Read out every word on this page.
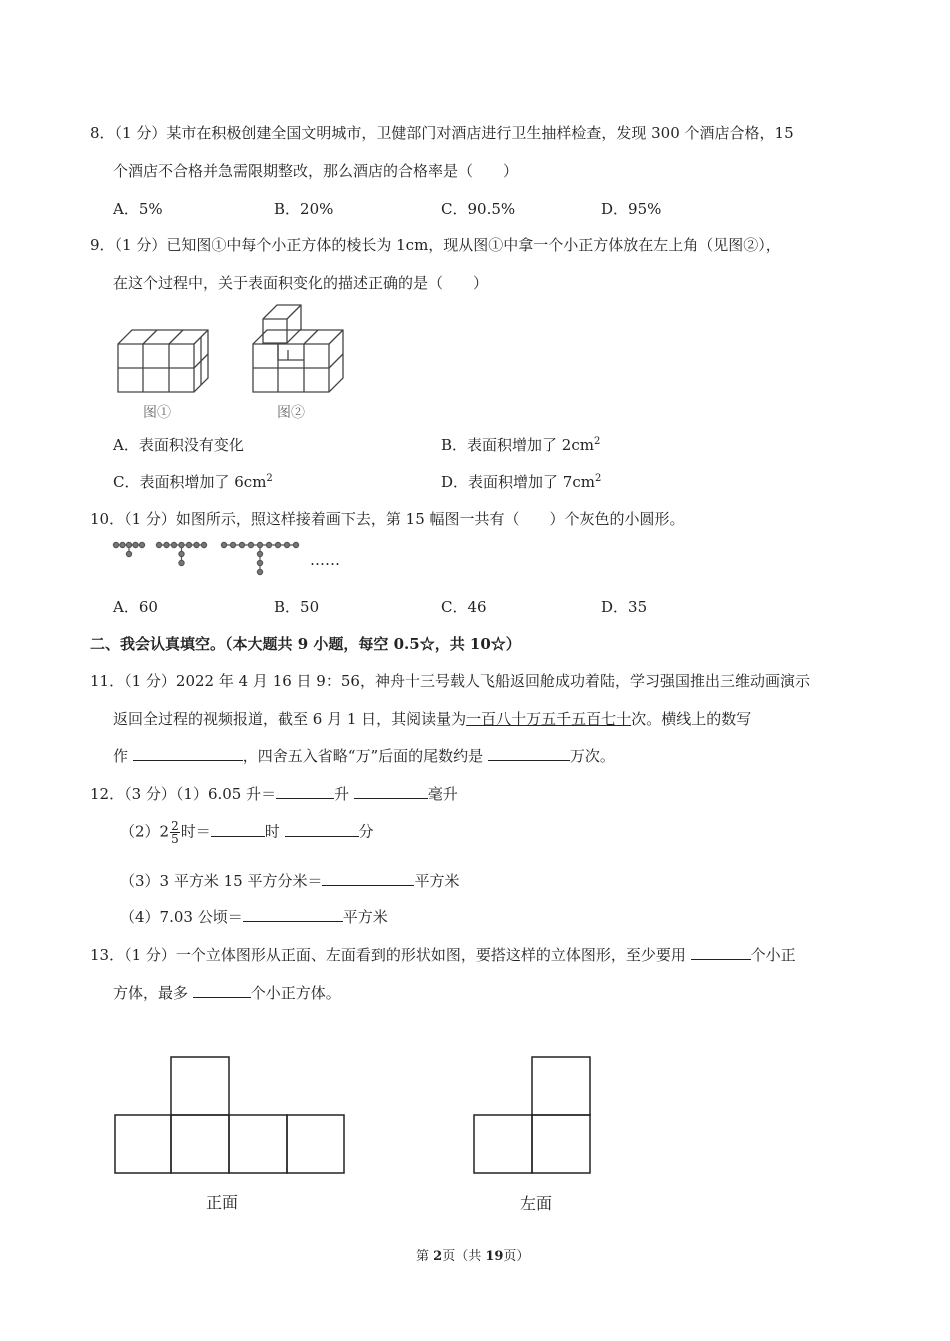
8．（1 分）某市在积极创建全国文明城市，卫健部门对酒店进行卫生抽样检查，发现 300 个酒店合格，15
个酒店不合格并急需限期整改，那么酒店的合格率是（　　）
A．5%	B．20%	C．90.5%	D．95%
9．（1 分）已知图①中每个小正方体的棱长为 1cm，现从图①中拿一个小正方体放在左上角（见图②），
在这个过程中，关于表面积变化的描述正确的是（　　）
图①	图②
A．表面积没有变化	B．表面积增加了 $2cm^2$
C．表面积增加了 $6cm^2$	D．表面积增加了 $7cm^2$
10．（1 分）如图所示，照这样接着画下去，第 15 幅图一共有（　　）个灰色的小圆形。
……
A．60	B．50	C．46	D．35
二、我会认真填空。（本大题共 9 小题，每空 0.5☆，共 10☆）
11．（1 分）2022 年 4 月 16 日 9：56，神舟十三号载人飞船返回舱成功着陆，学习强国推出三维动画演示
返回全过程的视频报道，截至 6 月 1 日，其阅读量为一百八十万五千五百七十次。横线上的数写
作	，四舍五入省略“万”后面的尾数约是	万次。
12．（3 分）（1）6.05 升＝	升	毫升
$(2)2 \frac{2}{5}$ 时＝	时	分
（3）3 平方米 15 平方分米＝	平方米
（4）7.03 公顷＝	平方米
13．（1 分）一个立体图形从正面、左面看到的形状如图，要搭这样的立体图形，至少要用	个小正
方体，最多	个小正方体。
正面	左面
第 2页（共 19页）
